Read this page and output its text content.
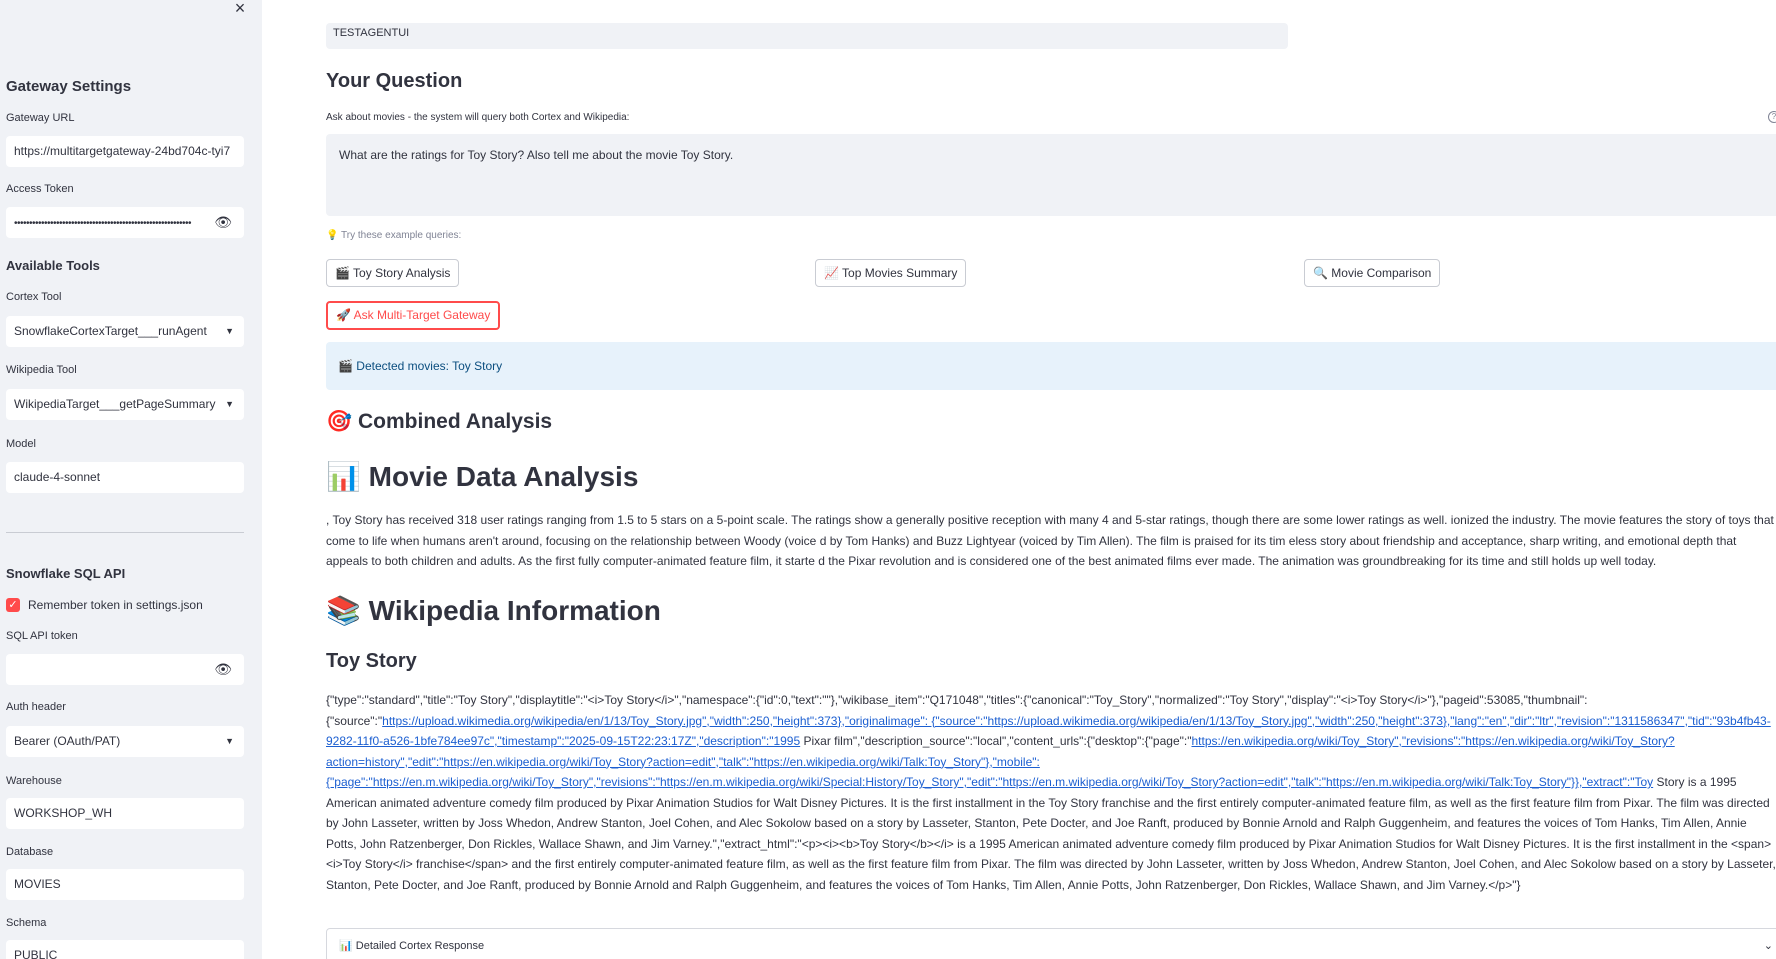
×
Gateway Settings
Gateway URL
https://multitargetgateway-24bd704c-tyi7
Access Token
••••••••••••••••••••••••••••••••••••••••••••••••••••••••••• 👁
Available Tools
Cortex Tool
SnowflakeCortexTarget___runAgent ▼
Wikipedia Tool
WikipediaTarget___getPageSummary ▼
Model
claude-4-sonnet
Snowflake SQL API
✓ Remember token in settings.json
SQL API token
👁
Auth header
Bearer (OAuth/PAT)	▼
Warehouse
WORKSHOP_WH
Database
MOVIES
Schema
PUBLIC
TESTAGENTUI
Your Question
Ask about movies - the system will query both Cortex and Wikipedia:	?
What are the ratings for Toy Story? Also tell me about the movie Toy Story.
💡 Try these example queries:
🎬 Toy Story Analysis	📈 Top Movies Summary	🔍 Movie Comparison
🚀 Ask Multi-Target Gateway
🎬 Detected movies: Toy Story
🎯 Combined Analysis
📊 Movie Data Analysis
, Toy Story has received 318 user ratings ranging from 1.5 to 5 stars on a 5-point scale. The ratings show a generally positive reception with many 4 and 5-star ratings, though there are some lower ratings as well. ionized the industry. The movie features the story of toys that come to life when humans aren't around, focusing on the relationship between Woody (voice d by Tom Hanks) and Buzz Lightyear (voiced by Tim Allen). The film is praised for its tim eless story about friendship and acceptance, sharp writing, and emotional depth that appeals to both children and adults. As the first fully computer-animated feature film, it starte d the Pixar revolution and is considered one of the best animated films ever made. The animation was groundbreaking for its time and still holds up well today.
📚 Wikipedia Information
Toy Story
{"type":"standard","title":"Toy Story","displaytitle":"<i>Toy Story</i>","namespace":{"id":0,"text":""},"wikibase_item":"Q171048","titles":{"canonical":"Toy_Story","normalized":"Toy Story","display":"<i>Toy Story</i>"},"pageid":53085,"thumbnail": {"source":"https://upload.wikimedia.org/wikipedia/en/1/13/Toy_Story.jpg","width":250,"height":373},"originalimage": {"source":"https://upload.wikimedia.org/wikipedia/en/1/13/Toy_Story.jpg","width":250,"height":373},"lang":"en","dir":"ltr","revision":"1311586347","tid":"93b4fb43-9282-11f0-a526-1bfe784ee97c","timestamp":"2025-09-15T22:23:17Z","description":"1995 Pixar film","description_source":"local","content_urls":{"desktop":{"page":"https://en.wikipedia.org/wiki/Toy_Story","revisions":"https://en.wikipedia.org/wiki/Toy_Story?action=history","edit":"https://en.wikipedia.org/wiki/Toy_Story?action=edit","talk":"https://en.wikipedia.org/wiki/Talk:Toy_Story"},"mobile":{"page":"https://en.m.wikipedia.org/wiki/Toy_Story","revisions":"https://en.m.wikipedia.org/wiki/Special:History/Toy_Story","edit":"https://en.m.wikipedia.org/wiki/Toy_Story?action=edit","talk":"https://en.m.wikipedia.org/wiki/Talk:Toy_Story"}},"extract":"Toy Story is a 1995 American animated adventure comedy film produced by Pixar Animation Studios for Walt Disney Pictures. It is the first installment in the Toy Story franchise and the first entirely computer-animated feature film, as well as the first feature film from Pixar. The film was directed by John Lasseter, written by Joss Whedon, Andrew Stanton, Joel Cohen, and Alec Sokolow based on a story by Lasseter, Stanton, Pete Docter, and Joe Ranft, produced by Bonnie Arnold and Ralph Guggenheim, and features the voices of Tom Hanks, Tim Allen, Annie Potts, John Ratzenberger, Don Rickles, Wallace Shawn, and Jim Varney.","extract_html":"<p><i><b>Toy Story</b></i> is a 1995 American animated adventure comedy film produced by Pixar Animation Studios for Walt Disney Pictures. It is the first installment in the <span><i>Toy Story</i> franchise</span> and the first entirely computer-animated feature film, as well as the first feature film from Pixar. The film was directed by John Lasseter, written by Joss Whedon, Andrew Stanton, Joel Cohen, and Alec Sokolow based on a story by Lasseter, Stanton, Pete Docter, and Joe Ranft, produced by Bonnie Arnold and Ralph Guggenheim, and features the voices of Tom Hanks, Tim Allen, Annie Potts, John Ratzenberger, Don Rickles, Wallace Shawn, and Jim Varney.</p>"}
📊 Detailed Cortex Response	⌄
